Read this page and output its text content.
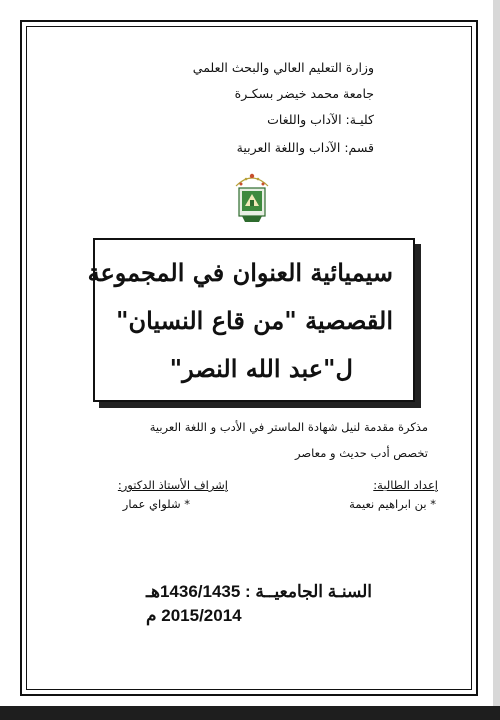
وزارة التعليم العالي والبحث العلمي
جامعة محمد خيضر بسكـرة
كليـة: الآداب واللغات
قسم: الآداب واللغة العربية
سيميائية العنوان في المجموعة
القصصية "من قاع النسيان"
ل"عبد الله النصر"
مذكرة مقدمة لنيل شهادة الماستر في الأدب و اللغة العربية
تخصص أدب حديث و معاصر
إعداد الطالبة:
إشراف الأستاذ الدكتور:
* بن ابراهيم نعيمة
* شلواي عمار
السنـة الجامعيــة : 1436/1435هـ
2015/2014 م
